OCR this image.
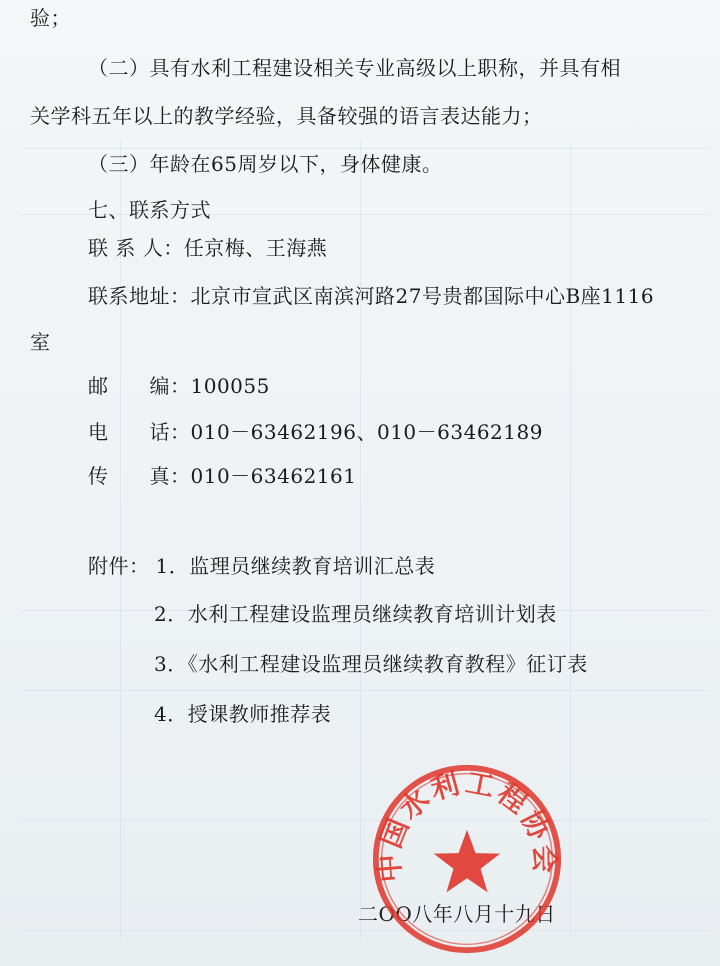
验；
（二）具有水利工程建设相关专业高级以上职称，并具有相
关学科五年以上的教学经验，具备较强的语言表达能力；
（三）年龄在65周岁以下，身体健康。
七、联系方式
联 系 人：任京梅、王海燕
联系地址：北京市宣武区南滨河路27号贵都国际中心B座1116
室
邮　　编：100055
电　　话：010－63462196、010－63462189
传　　真：010－63462161
附件： 1．监理员继续教育培训汇总表
2．水利工程建设监理员继续教育培训计划表
3．《水利工程建设监理员继续教育教程》征订表
4．授课教师推荐表
二OO八年八月十九日
中国水利工程协会
